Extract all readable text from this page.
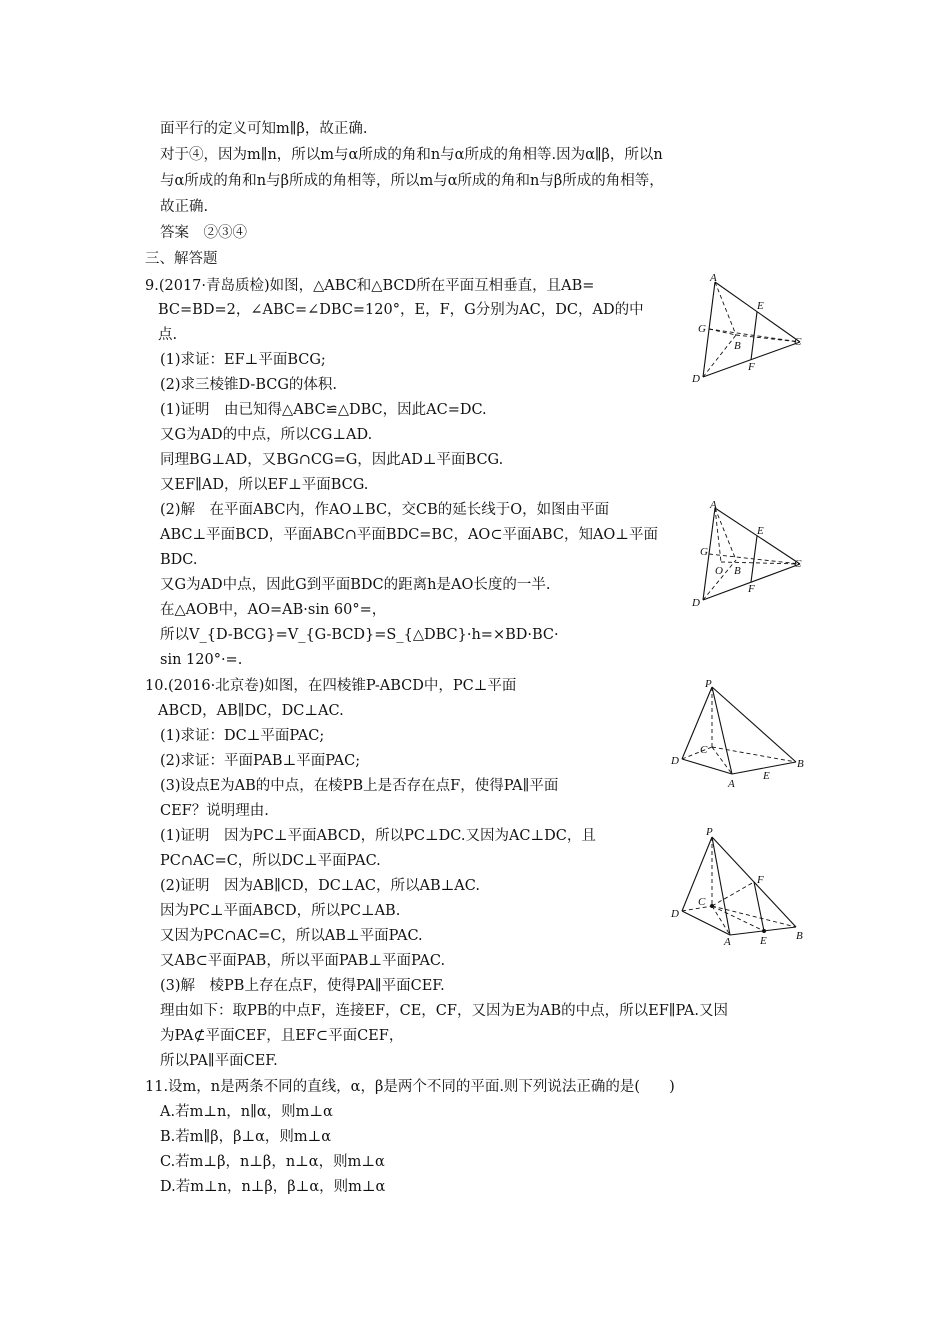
面平行的定义可知m∥β，故正确.
对于④，因为m∥n，所以m与α所成的角和n与α所成的角相等.因为α∥β，所以n
与α所成的角和n与β所成的角相等，所以m与α所成的角和n与β所成的角相等，
故正确.
答案　②③④
三、解答题
9.(2017·青岛质检)如图，△ABC和△BCD所在平面互相垂直，且AB=
BC=BD=2，∠ABC=∠DBC=120°，E，F，G分别为AC，DC，AD的中
点.
(1)求证：EF⊥平面BCG;
(2)求三棱锥D-BCG的体积.
(1)证明　由已知得△ABC≌△DBC，因此AC=DC.
又G为AD的中点，所以CG⊥AD.
同理BG⊥AD，又BG∩CG=G，因此AD⊥平面BCG.
又EF∥AD，所以EF⊥平面BCG.
(2)解　在平面ABC内，作AO⊥BC，交CB的延长线于O，如图由平面
ABC⊥平面BCD，平面ABC∩平面BDC=BC，AO⊂平面ABC，知AO⊥平面
BDC.
又G为AD中点，因此G到平面BDC的距离h是AO长度的一半.
在△AOB中，AO=AB·sin 60°=，
所以V_{D-BCG}=V_{G-BCD}=S_{△DBC}·h=×BD·BC·
sin 120°·=.
10.(2016·北京卷)如图，在四棱锥P-ABCD中，PC⊥平面
ABCD，AB∥DC，DC⊥AC.
(1)求证：DC⊥平面PAC;
(2)求证：平面PAB⊥平面PAC;
(3)设点E为AB的中点，在棱PB上是否存在点F，使得PA∥平面
CEF？说明理由.
(1)证明　因为PC⊥平面ABCD，所以PC⊥DC.又因为AC⊥DC，且
PC∩AC=C，所以DC⊥平面PAC.
(2)证明　因为AB∥CD，DC⊥AC，所以AB⊥AC.
因为PC⊥平面ABCD，所以PC⊥AB.
又因为PC∩AC=C，所以AB⊥平面PAC.
又AB⊂平面PAB，所以平面PAB⊥平面PAC.
(3)解　棱PB上存在点F，使得PA∥平面CEF.
理由如下：取PB的中点F，连接EF，CE，CF，又因为E为AB的中点，所以EF∥PA.又因
为PA⊄平面CEF，且EF⊂平面CEF，
所以PA∥平面CEF.
11.设m，n是两条不同的直线，α，β是两个不同的平面.则下列说法正确的是(　　)
A.若m⊥n，n∥α，则m⊥α
B.若m∥β，β⊥α，则m⊥α
C.若m⊥β，n⊥β，n⊥α，则m⊥α
D.若m⊥n，n⊥β，β⊥α，则m⊥α
A
E
G
B	C
D
F
A
E
G
O B
C
D
F
P
C
D
A
E
B
P
F
C
D
A	E	B
